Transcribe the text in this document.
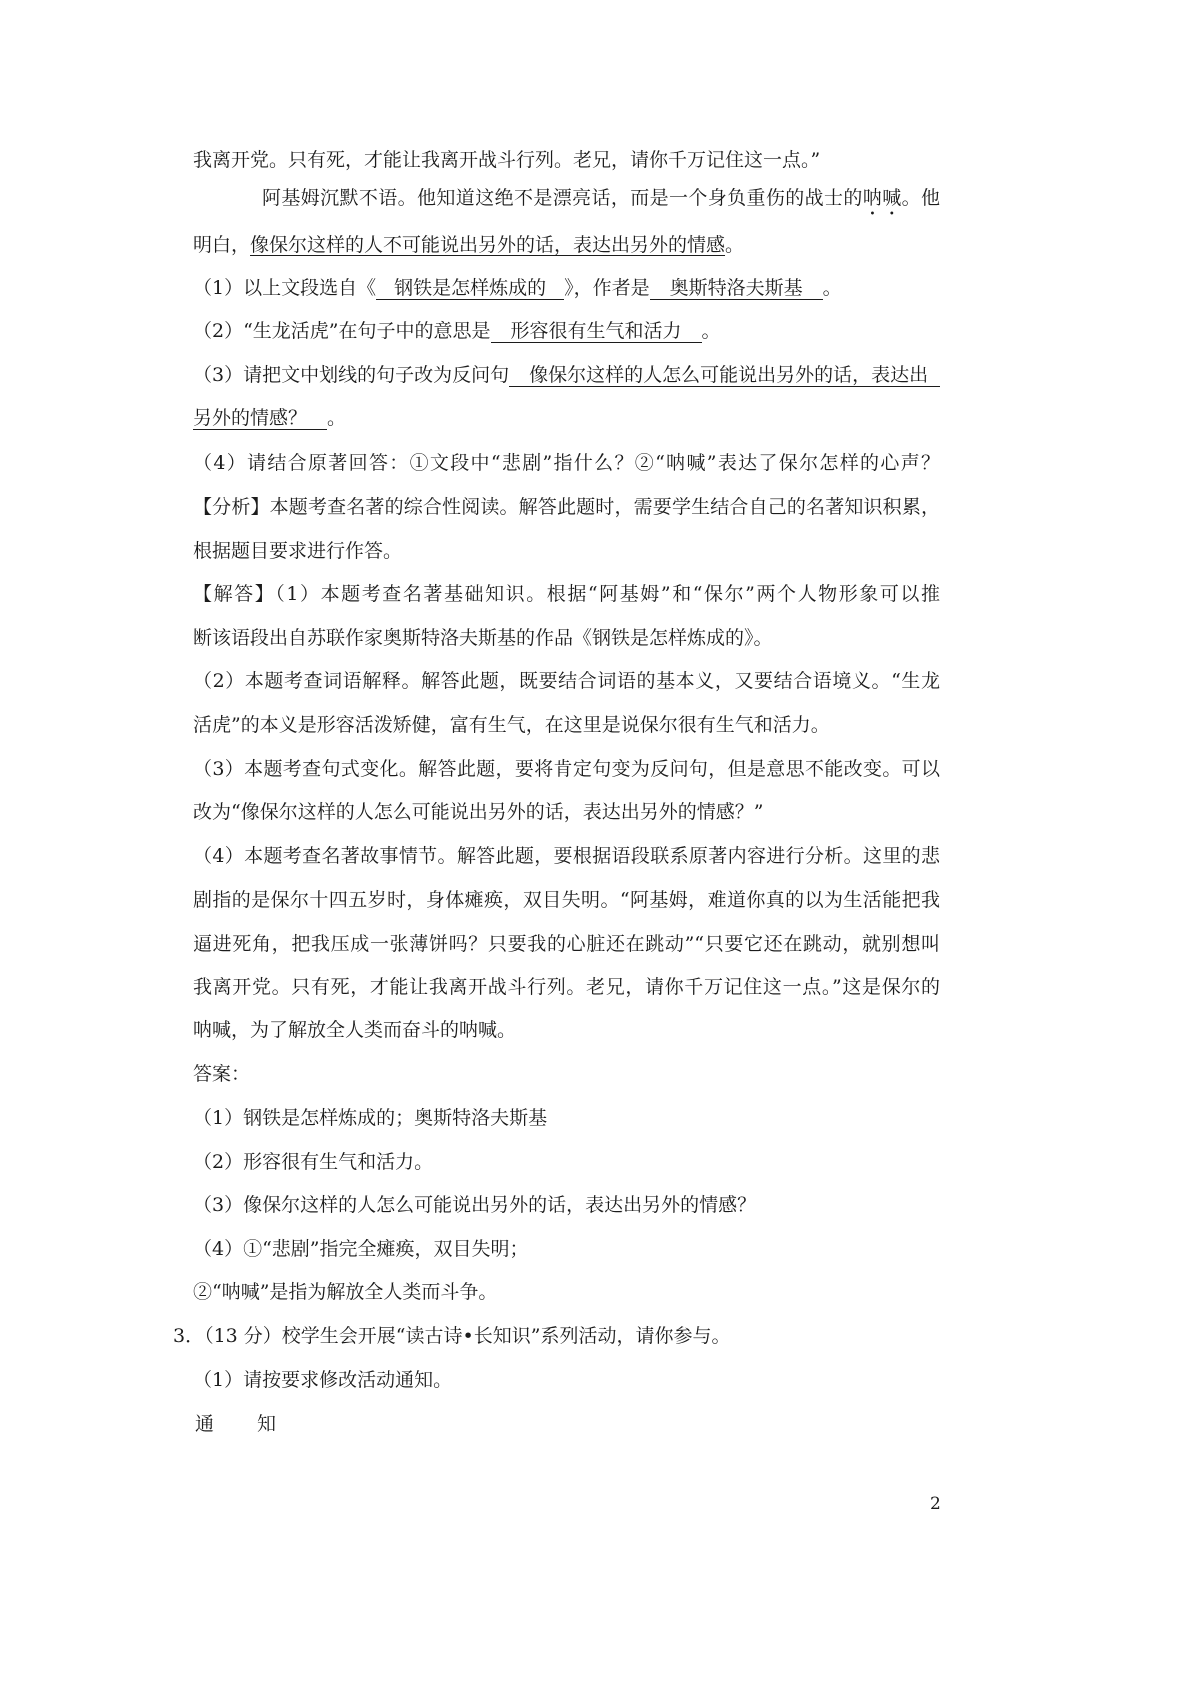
我离开党。只有死，才能让我离开战斗行列。老兄，请你千万记住这一点。”
阿基姆沉默不语。他知道这绝不是漂亮话，而是一个身负重伤的战士的呐喊。他
明白，像保尔这样的人不可能说出另外的话，表达出另外的情感。
（1）以上文段选自《 钢铁是怎样炼成的 》，作者是 奥斯特洛夫斯基 。
（2）“生龙活虎”在句子中的意思是 形容很有生气和活力 。
（3）请把文中划线的句子改为反问句	像保尔这样的人怎么可能说出另外的话，表达出
另外的情感？ 。
（4）请结合原著回答：①文段中“悲剧”指什么？②“呐喊”表达了保尔怎样的心声？
【分析】本题考查名著的综合性阅读。解答此题时，需要学生结合自己的名著知识积累，
根据题目要求进行作答。
【解答】（1）本题考查名著基础知识。根据“阿基姆”和“保尔”两个人物形象可以推
断该语段出自苏联作家奥斯特洛夫斯基的作品《钢铁是怎样炼成的》。
（2）本题考查词语解释。解答此题，既要结合词语的基本义，又要结合语境义。“生龙
活虎”的本义是形容活泼矫健，富有生气，在这里是说保尔很有生气和活力。
（3）本题考查句式变化。解答此题，要将肯定句变为反问句，但是意思不能改变。可以
改为“像保尔这样的人怎么可能说出另外的话，表达出另外的情感？”
（4）本题考查名著故事情节。解答此题，要根据语段联系原著内容进行分析。这里的悲
剧指的是保尔十四五岁时，身体瘫痪，双目失明。“阿基姆，难道你真的以为生活能把我
逼进死角，把我压成一张薄饼吗？只要我的心脏还在跳动”“只要它还在跳动，就别想叫
我离开党。只有死，才能让我离开战斗行列。老兄，请你千万记住这一点。”这是保尔的
呐喊，为了解放全人类而奋斗的呐喊。
答案：
（1）钢铁是怎样炼成的；奥斯特洛夫斯基
（2）形容很有生气和活力。
（3）像保尔这样的人怎么可能说出另外的话，表达出另外的情感？
（4）①“悲剧”指完全瘫痪，双目失明；
②“呐喊”是指为解放全人类而斗争。
3．（13 分）校学生会开展“读古诗•长知识”系列活动，请你参与。
（1）请按要求修改活动通知。
通知
2
